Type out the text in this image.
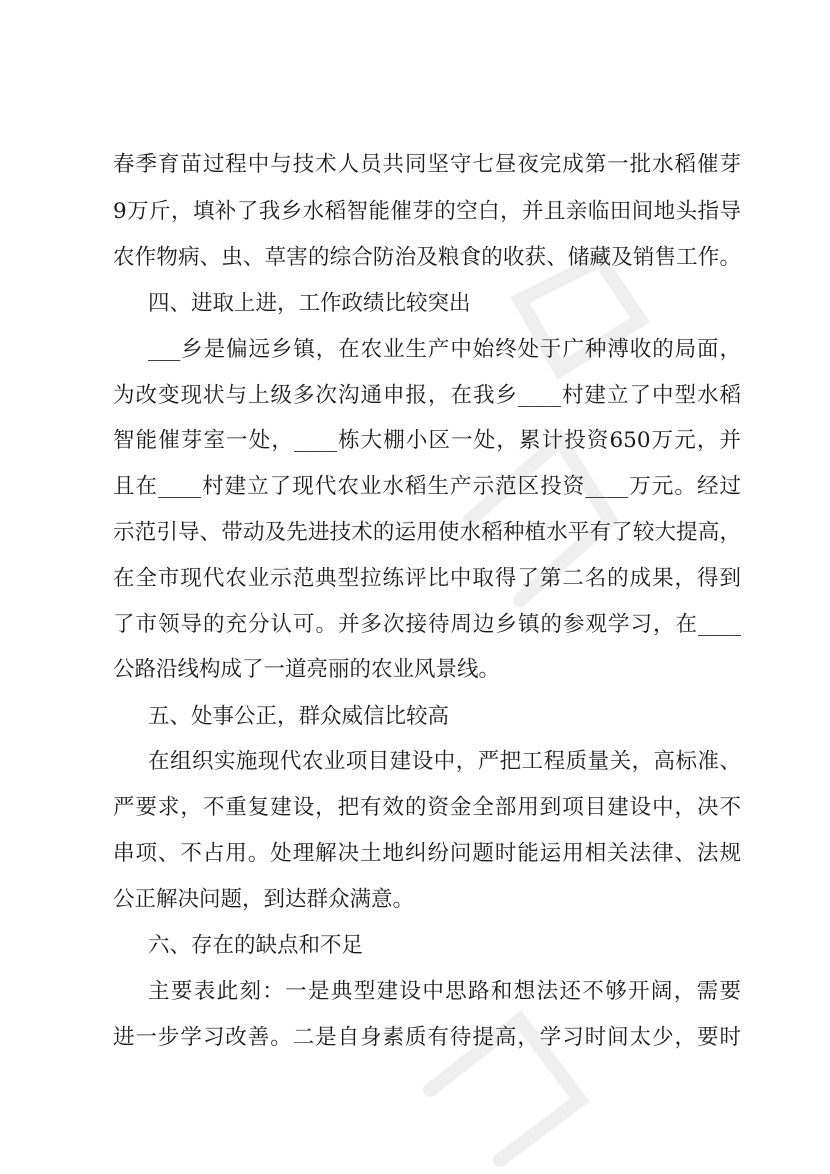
春季育苗过程中与技术人员共同坚守七昼夜完成第一批水稻催芽
9万斤，填补了我乡水稻智能催芽的空白，并且亲临田间地头指导
农作物病、虫、草害的综合防治及粮食的收获、储藏及销售工作。
四、进取上进，工作政绩比较突出
___乡是偏远乡镇，在农业生产中始终处于广种溥收的局面，
为改变现状与上级多次沟通申报，在我乡____村建立了中型水稻
智能催芽室一处，____栋大棚小区一处，累计投资650万元，并
且在____村建立了现代农业水稻生产示范区投资____万元。经过
示范引导、带动及先进技术的运用使水稻种植水平有了较大提高，
在全市现代农业示范典型拉练评比中取得了第二名的成果，得到
了市领导的充分认可。并多次接待周边乡镇的参观学习，在____
公路沿线构成了一道亮丽的农业风景线。
五、处事公正，群众威信比较高
在组织实施现代农业项目建设中，严把工程质量关，高标准、
严要求，不重复建设，把有效的资金全部用到项目建设中，决不
串项、不占用。处理解决土地纠纷问题时能运用相关法律、法规
公正解决问题，到达群众满意。
六、存在的缺点和不足
主要表此刻：一是典型建设中思路和想法还不够开阔，需要
进一步学习改善。二是自身素质有待提高，学习时间太少，要时
